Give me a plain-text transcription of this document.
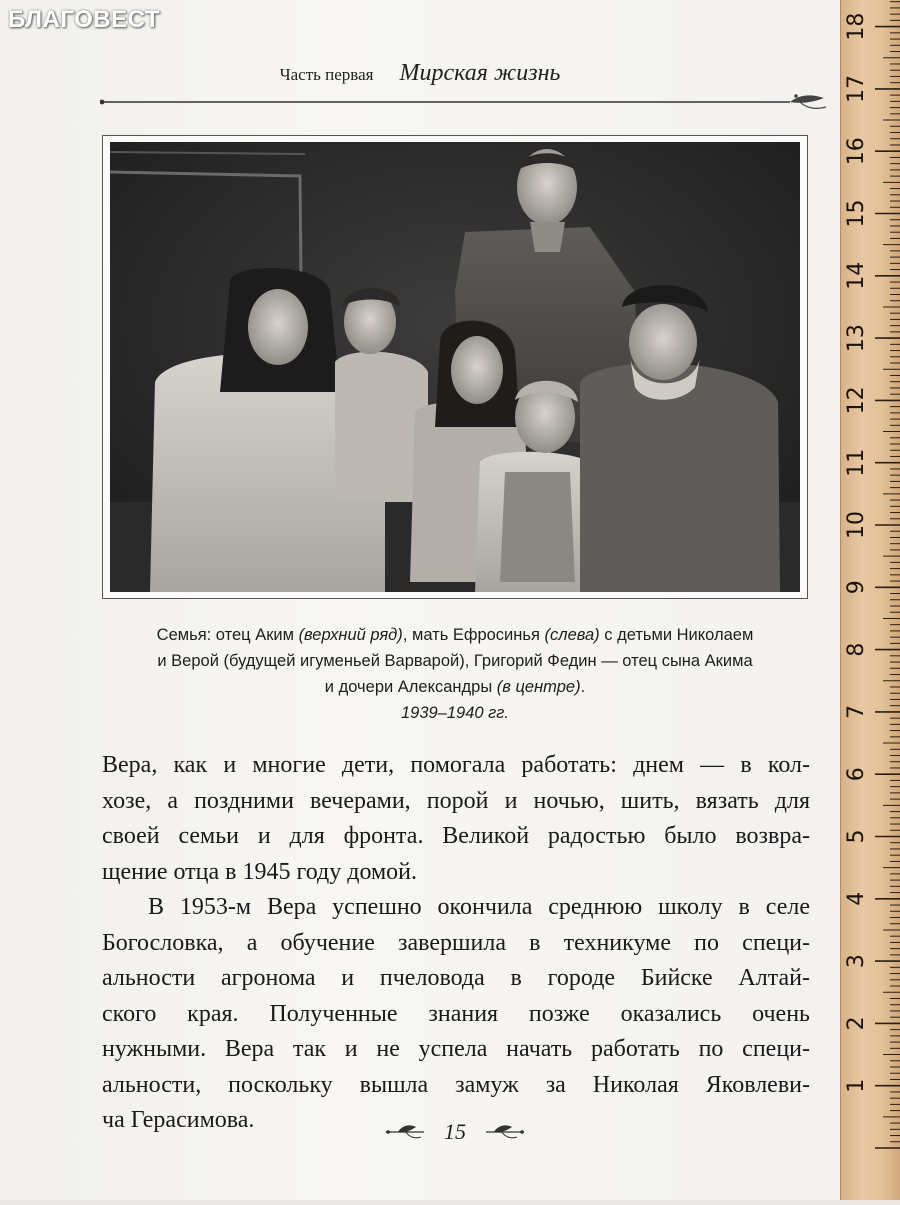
БЛАГОВЕСТ
Часть первая Мирская жизнь
Семья: отец Аким (верхний ряд), мать Ефросинья (слева) с детьми Николаем
и Верой (будущей игуменьей Варварой), Григорий Федин — отец сына Акима
и дочери Александры (в центре).
1939–1940 гг.
Вера, как и многие дети, помогала работать: днем — в кол-
хозе, а поздними вечерами, порой и ночью, шить, вязать для
своей семьи и для фронта. Великой радостью было возвра-
щение отца в 1945 году домой.
В 1953-м Вера успешно окончила среднюю школу в селе
Богословка, а обучение завершила в техникуме по специ-
альности агронома и пчеловода в городе Бийске Алтай-
ского края. Полученные знания позже оказались очень
нужными. Вера так и не успела начать работать по специ-
альности, поскольку вышла замуж за Николая Яковлеви-
ча Герасимова.	15
1
2
3
4
5
6
7
8
9
10
11
12
13
14
15
16
17
18
